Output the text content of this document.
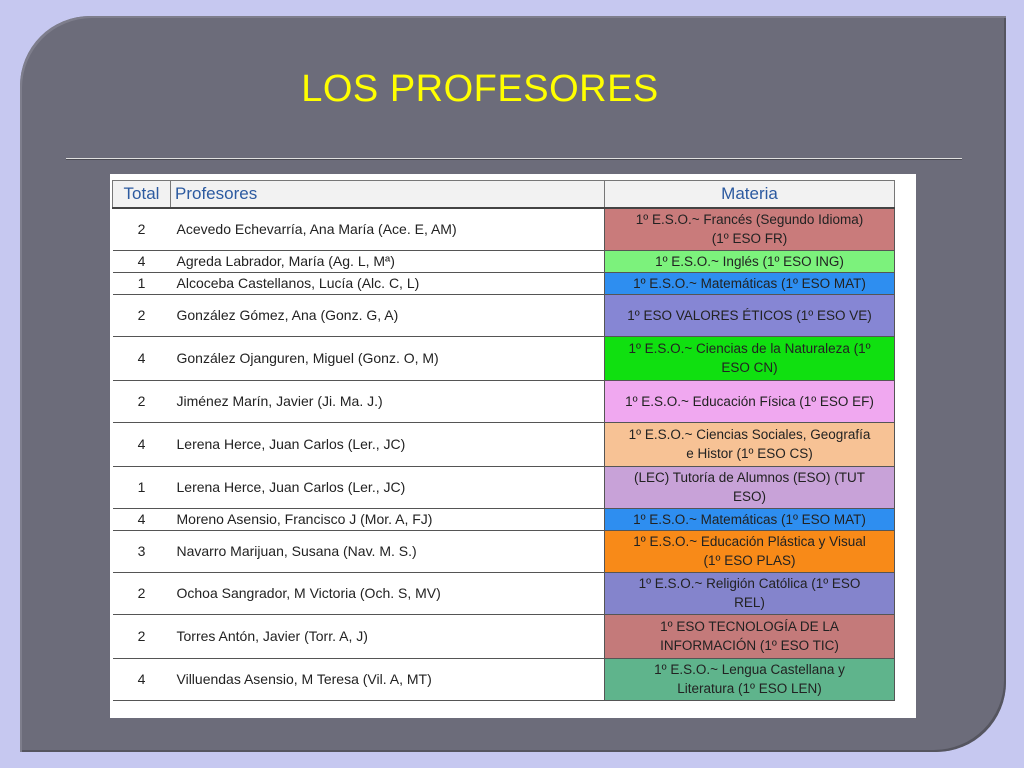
LOS PROFESORES
Total	Profesores	Materia
2	Acevedo Echevarría, Ana María (Ace. E, AM)	1º E.S.O.~ Francés (Segundo Idioma)
(1º ESO FR)

4	Agreda Labrador, María (Ag. L, Mª)	1º E.S.O.~ Inglés (1º ESO ING)

1	Alcoceba Castellanos, Lucía (Alc. C, L)	1º E.S.O.~ Matemáticas (1º ESO MAT)

2	González Gómez, Ana (Gonz. G, A)	1º ESO VALORES ÉTICOS (1º ESO VE)

4	González Ojanguren, Miguel (Gonz. O, M)	1º E.S.O.~ Ciencias de la Naturaleza (1º
ESO CN)

2	Jiménez Marín, Javier (Ji. Ma. J.)	1º E.S.O.~ Educación Física (1º ESO EF)

4	Lerena Herce, Juan Carlos (Ler., JC)	1º E.S.O.~ Ciencias Sociales, Geografía
e Histor (1º ESO CS)

1	Lerena Herce, Juan Carlos (Ler., JC)	(LEC) Tutoría de Alumnos (ESO) (TUT
ESO)

4	Moreno Asensio, Francisco J (Mor. A, FJ)	1º E.S.O.~ Matemáticas (1º ESO MAT)

3	Navarro Marijuan, Susana (Nav. M. S.)	1º E.S.O.~ Educación Plástica y Visual
(1º ESO PLAS)

2	Ochoa Sangrador, M Victoria (Och. S, MV)	1º E.S.O.~ Religión Católica (1º ESO
REL)

2	Torres Antón, Javier (Torr. A, J)	1º ESO TECNOLOGÍA DE LA
INFORMACIÓN (1º ESO TIC)

4	Villuendas Asensio, M Teresa (Vil. A, MT)	1º E.S.O.~ Lengua Castellana y
Literatura (1º ESO LEN)
